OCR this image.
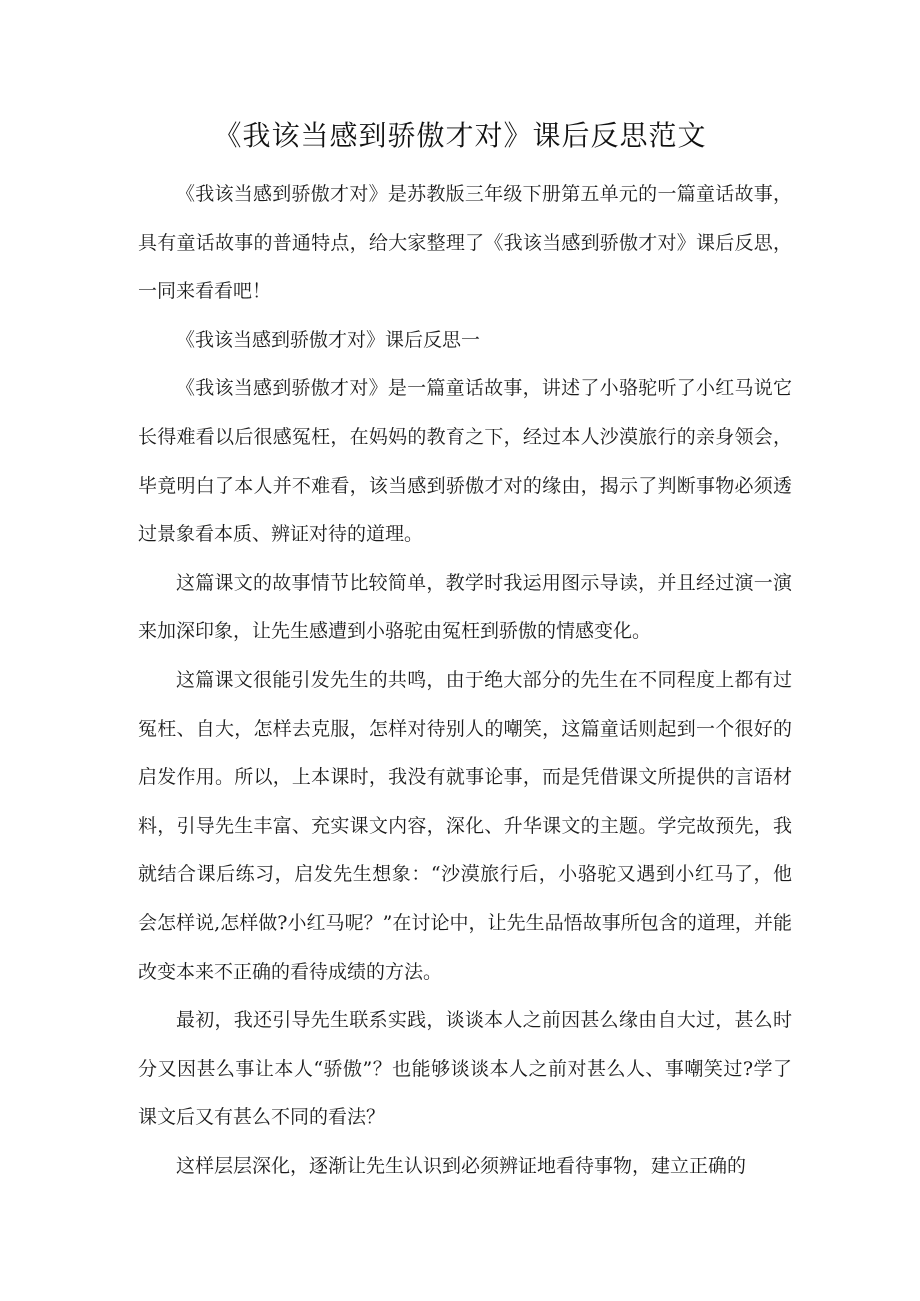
《我该当感到骄傲才对》课后反思范文

《我该当感到骄傲才对》是苏教版三年级下册第五单元的一篇童话故事，具有童话故事的普通特点，给大家整理了《我该当感到骄傲才对》课后反思，一同来看看吧！

《我该当感到骄傲才对》课后反思一

《我该当感到骄傲才对》是一篇童话故事，讲述了小骆驼听了小红马说它长得难看以后很感冤枉，在妈妈的教育之下，经过本人沙漠旅行的亲身领会，毕竟明白了本人并不难看，该当感到骄傲才对的缘由，揭示了判断事物必须透过景象看本质、辨证对待的道理。

这篇课文的故事情节比较简单，教学时我运用图示导读，并且经过演一演来加深印象，让先生感遭到小骆驼由冤枉到骄傲的情感变化。

这篇课文很能引发先生的共鸣，由于绝大部分的先生在不同程度上都有过冤枉、自大，怎样去克服，怎样对待别人的嘲笑，这篇童话则起到一个很好的启发作用。所以，上本课时，我没有就事论事，而是凭借课文所提供的言语材料，引导先生丰富、充实课文内容，深化、升华课文的主题。学完故预先，我就结合课后练习，启发先生想象：“沙漠旅行后，小骆驼又遇到小红马了，他会怎样说,怎样做?小红马呢？”在讨论中，让先生品悟故事所包含的道理，并能改变本来不正确的看待成绩的方法。

最初，我还引导先生联系实践，谈谈本人之前因甚么缘由自大过，甚么时分又因甚么事让本人“骄傲”？也能够谈谈本人之前对甚么人、事嘲笑过?学了课文后又有甚么不同的看法？

这样层层深化，逐渐让先生认识到必须辨证地看待事物，建立正确的
